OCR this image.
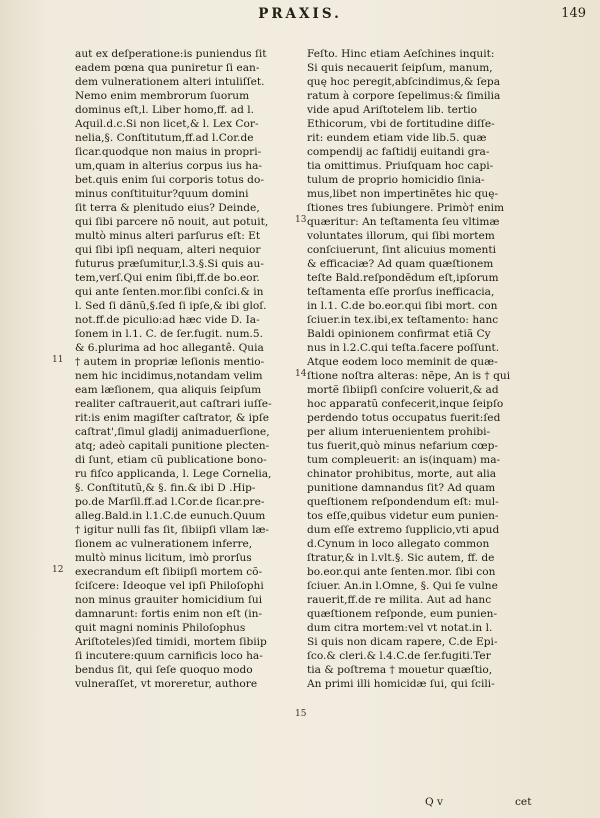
PRAXIS.	149
aut ex deſperatione:is puniendus ſit
eadem pœna qua puniretur ſi ean-
dem vulnerationem alteri intuliſſet.
Nemo enim membrorum ſuorum
dominus eſt,l. Liber homo,ff. ad l.
Aquil.d.c.Si non licet,& l. Lex Cor-
nelia,§. Conſtitutum,ff.ad l.Cor.de
ſicar.quodque non maius in propri-
um,quam in alterius corpus ius ha-
bet.quis enim ſui corporis totus do-
minus conſtituitur?quum domini
ſit terra & plenitudo eius? Deinde,
qui ſibi parcere nõ nouit, aut potuit,
multò minus alteri parſurus eſt: Et
qui ſibi ipſi nequam, alteri nequior
futurus præſumitur,l.3.§.Si quis au-
tem,verſ.Qui enim ſibi,ff.de bo.eor.
qui ante ſenten.mor.ſibi conſci.& in
l. Sed ſi dãnũ,§.ſed ſi ipſe,& ibi gloſ.
not.ff.de piculio:ad hæc vide D. Ia-
ſonem in l.1. C. de ſer.fugit. num.5.
& 6.plurima ad hoc allegantê. Quia
† autem in propriæ leſionis mentio-
nem hic incidimus,notandam velim
eam læſionem, qua aliquis ſeipſum
realiter caſtrauerit,aut caſtrari iuſſe-
rit:is enim magiſter caſtrator, & ipſe
caſtrat',ſimul gladij animaduerſione,
atq; adeò capitali punitione plecten-
di ſunt, etiam cũ publicatione bono-
ru fiſco applicanda, l. Lege Cornelia,
§. Conſtitutũ,& §. fin.& ibi D .Hip-
po.de Marſil.ff.ad l.Cor.de ſicar.pre-
alleg.Bald.in l.1.C.de eunuch.Quum
† igitur nulli fas ſit, ſibiipſi vllam læ-
ſionem ac vulnerationem inferre,
multò minus licitum, imò prorſus
execrandum eſt ſibiipſi mortem cõ-
ſciſcere: Ideoque vel ipſi Philoſophi
non minus grauiter homicidium ſui
damnarunt: fortis enim non eſt (in-
quit magni nominis Philoſophus
Ariſtoteles)ſed timidi, mortem ſibiip
ſi incutere:quum carnificis loco ha-
bendus ſit, qui ſeſe quoquo modo
vulneraſſet, vt moreretur, authore
13
14
15
11
12
Feſto. Hinc etiam Aeſchines inquit:
Si quis necauerit ſeipſum, manum,
quę hoc peregit,abſcindimus,& ſepa
ratum à corpore ſepelimus:& ſimilia
vide apud Ariſtotelem lib. tertio
Ethicorum, vbi de fortitudine diſſe-
rit: eundem etiam vide lib.5. quæ
compendij ac faſtidij euitandi gra-
tia omittimus. Priuſquam hoc capi-
tulum de proprio homicidio ſinia-
mus,libet non impertinẽtes hic quę-
ſtiones tres ſubiungere. Primò† enim
quæritur: An teſtamenta ſeu vltimæ
voluntates illorum, qui ſibi mortem
conſciuerunt, ſint alicuius momenti
& efficaciæ? Ad quam quæſtionem
teſte Bald.reſpondẽdum eſt,ipſorum
teſtamenta eſſe prorſus inefficacia,
in l.1. C.de bo.eor.qui ſibi mort. con
ſciuer.in tex.ibi,ex teſtamento: hanc
Baldi opinionem confirmat etiã Cy
nus in l.2.C.qui teſta.facere poſſunt.
Atque eodem loco meminit de quæ-
ſtione noſtra alteras: nẽpe, An is † qui
mortẽ ſibiipſi conſcire voluerit,& ad
hoc apparatũ confecerit,inque ſeipſo
perdendo totus occupatus fuerit:ſed
per alium interuenientem prohibi-
tus fuerit,quò minus nefarium cœp-
tum compleuerit: an is(inquam) ma-
chinator prohibitus, morte, aut alia
punitione damnandus ſit? Ad quam
queſtionem reſpondendum eſt: mul-
tos eſſe,quibus videtur eum punien-
dum eſſe extremo ſupplicio,vti apud
d.Cynum in loco allegato common
ſtratur,& in l.vlt.§. Sic autem, ff. de
bo.eor.qui ante ſenten.mor. ſibi con
ſciuer. An.in l.Omne, §. Qui ſe vulne
rauerit,ff.de re milita. Aut ad hanc
quæſtionem reſponde, eum punien-
dum citra mortem:vel vt notat.in l.
Si quis non dicam rapere, C.de Epi-
ſco.& cleri.& l.4.C.de ſer.fugiti.Ter
tia & poſtrema † mouetur quæſtio,
An primi illi homicidæ ſui, qui ſcili-
Q v	cet
